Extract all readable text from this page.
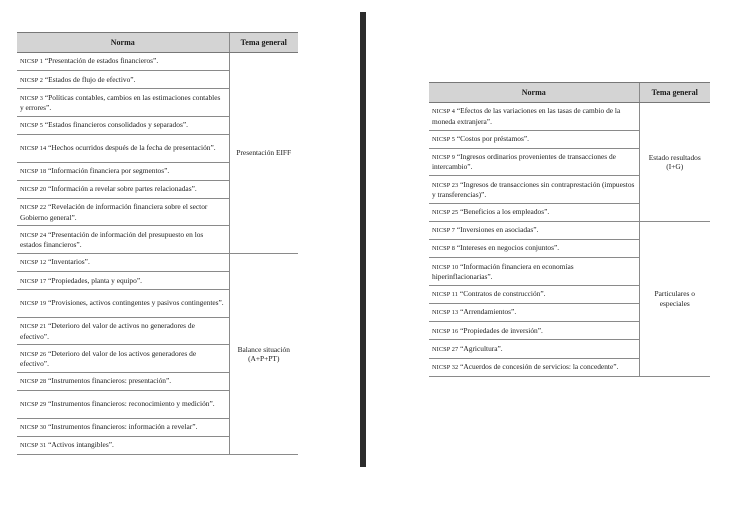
Norma	Tema general
NICSP 1 “Presentación de estados financieros”.	Presentación EIFF
NICSP 2 “Estados de flujo de efectivo”.	
NICSP 3 “Políticas contables, cambios en las estimaciones contables y errores”.	
NICSP 5 “Estados financieros consolidados y separados”.	
NICSP 14 “Hechos ocurridos después de la fecha de presentación”.	
NICSP 18 “Información financiera por segmentos”.	
NICSP 20 “Información a revelar sobre partes relacionadas”.	
NICSP 22 “Revelación de información financiera sobre el sector Gobierno general”.	
NICSP 24 “Presentación de información del presupuesto en los estados financieros”.	
NICSP 12 “Inventarios”.	Balance situación (A+P+PT)
NICSP 17 “Propiedades, planta y equipo”.	
NICSP 19 “Provisiones, activos contingentes y pasivos contingentes”.	
NICSP 21 “Deterioro del valor de activos no generadores de efectivo”.	
NICSP 26 “Deterioro del valor de los activos generadores de efectivo”.	
NICSP 28 “Instrumentos financieros: presentación”.	
NICSP 29 “Instrumentos financieros: reconocimiento y medición”.	
NICSP 30 “Instrumentos financieros: información a revelar”.	
NICSP 31 “Activos intangibles”.	
Norma	Tema general
NICSP 4 “Efectos de las variaciones en las tasas de cambio de la moneda extranjera”.	Estado resultados (I+G)
NICSP 5 “Costos por préstamos”.	
NICSP 9 “Ingresos ordinarios provenientes de transacciones de intercambio”.	
NICSP 23 “Ingresos de transacciones sin contraprestación (impuestos y transferencias)”.	
NICSP 25 “Beneficios a los empleados”.	
NICSP 7 “Inversiones en asociadas”.	Particulares o especiales
NICSP 8 “Intereses en negocios conjuntos”.	
NICSP 10 “Información financiera en economías hiperinflacionarias”.	
NICSP 11 “Contratos de construcción”.	
NICSP 13 “Arrendamientos”.	
NICSP 16 “Propiedades de inversión”.	
NICSP 27 “Agricultura”.	
NICSP 32 “Acuerdos de concesión de servicios: la concedente”.	
